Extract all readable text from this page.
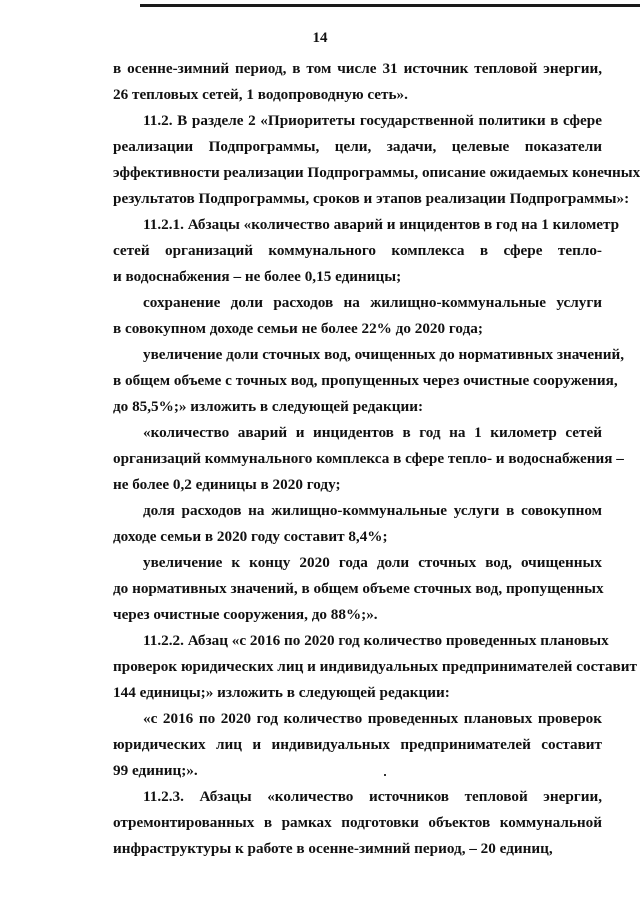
14
в осенне-зимний период, в том числе 31 источник тепловой энергии,
26 тепловых сетей, 1 водопроводную сеть».
11.2. В разделе 2 «Приоритеты государственной политики в сфере
реализации Подпрограммы, цели, задачи, целевые показатели
эффективности реализации Подпрограммы, описание ожидаемых конечных
результатов Подпрограммы, сроков и этапов реализации Подпрограммы»:
11.2.1. Абзацы «количество аварий и инцидентов в год на 1 километр
сетей организаций коммунального комплекса в сфере тепло-
и водоснабжения – не более 0,15 единицы;
сохранение доли расходов на жилищно-коммунальные услуги
в совокупном доходе семьи не более 22% до 2020 года;
увеличение доли сточных вод, очищенных до нормативных значений,
в общем объеме с точных вод, пропущенных через очистные сооружения,
до 85,5%;» изложить в следующей редакции:
«количество аварий и инцидентов в год на 1 километр сетей
организаций коммунального комплекса в сфере тепло- и водоснабжения –
не более 0,2 единицы в 2020 году;
доля расходов на жилищно-коммунальные услуги в совокупном
доходе семьи в 2020 году составит 8,4%;
увеличение к концу 2020 года доли сточных вод, очищенных
до нормативных значений, в общем объеме сточных вод, пропущенных
через очистные сооружения, до 88%;».
11.2.2. Абзац «с 2016 по 2020 год количество проведенных плановых
проверок юридических лиц и индивидуальных предпринимателей составит
144 единицы;» изложить в следующей редакции:
«с 2016 по 2020 год количество проведенных плановых проверок
юридических лиц и индивидуальных предпринимателей составит
99 единиц;».
11.2.3. Абзацы «количество источников тепловой энергии,
отремонтированных в рамках подготовки объектов коммунальной
инфраструктуры к работе в осенне-зимний период, – 20 единиц,
